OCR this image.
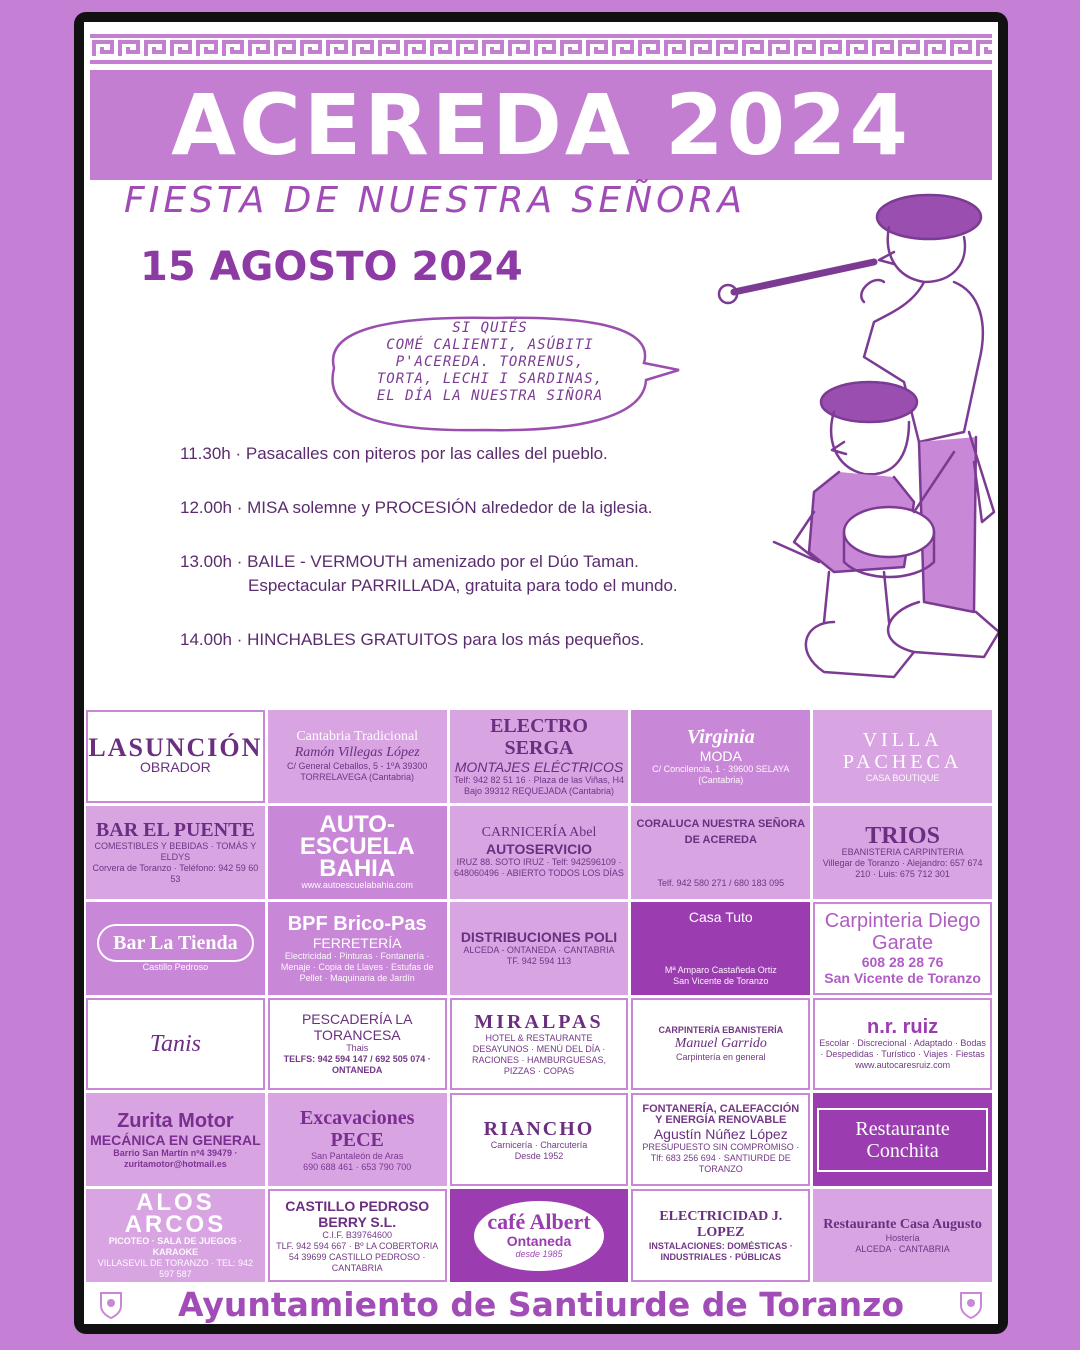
ACEREDA 2024
FIESTA DE NUESTRA SEÑORA
15 AGOSTO 2024
SI QUIÉS
COMÉ CALIENTI, ASÚBITI
P'ACEREDA. TORRENUS,
TORTA, LECHI I SARDINAS,
EL DÍA LA NUESTRA SIÑORA
11.30h · Pasacalles con piteros por las calles del pueblo.
12.00h · MISA solemne y PROCESIÓN alrededor de la iglesia.
13.00h · BAILE - VERMOUTH amenizado por el Dúo Taman.
Espectacular PARRILLADA, gratuita para todo el mundo.
14.00h · HINCHABLES GRATUITOS para los más pequeños.
LASUNCIÓN
OBRADOR
Cantabria Tradicional
Ramón Villegas López
C/ General Ceballos, 5 - 1ºA 39300 TORRELAVEGA (Cantabria)
ELECTRO SERGA
MONTAJES ELÉCTRICOS
Telf: 942 82 51 16 · Plaza de las Viñas, H4 Bajo 39312 REQUEJADA (Cantabria)
Virginia
MODA
C/ Concilencia, 1 · 39600 SELAYA (Cantabria)
VILLA PACHECA
CASA BOUTIQUE
BAR EL PUENTE
COMESTIBLES Y BEBIDAS · TOMÁS Y ELDYS
Corvera de Toranzo · Teléfono: 942 59 60 53
AUTO-ESCUELA BAHIA
www.autoescuelabahia.com
CARNICERÍA Abel
AUTOSERVICIO
IRUZ 88. SOTO IRUZ · Telf: 942596109 · 648060496 · ABIERTO TODOS LOS DÍAS
CORALUCA NUESTRA SEÑORA DE ACEREDA
Telf. 942 580 271 / 680 183 095
TRIOS
EBANISTERIA CARPINTERIA
Villegar de Toranzo · Alejandro: 657 674 210 · Luis: 675 712 301
Bar La Tienda
Castillo Pedroso
BPF Brico-Pas
FERRETERÍA
Electricidad · Pinturas · Fontanería · Menaje · Copia de Llaves · Estufas de Pellet · Maquinaria de Jardín
DISTRIBUCIONES POLI
ALCEDA - ONTANEDA · CANTABRIA
TF. 942 594 113
Casa Tuto
Mª Amparo Castañeda Ortiz
San Vicente de Toranzo
Carpinteria Diego Garate
608 28 28 76
San Vicente de Toranzo
Tanis
PESCADERÍA LA TORANCESA
Thais
TELFS: 942 594 147 / 692 505 074 · ONTANEDA
MIRALPAS
HOTEL & RESTAURANTE
DESAYUNOS · MENÚ DEL DÍA · RACIONES · HAMBURGUESAS, PIZZAS · COPAS
CARPINTERÍA EBANISTERÍA
Manuel Garrido
Carpintería en general
n.r. ruiz
Escolar · Discrecional · Adaptado · Bodas · Despedidas · Turístico · Viajes · Fiestas
www.autocaresruiz.com
Zurita Motor
MECÁNICA EN GENERAL
Barrio San Martín nº4 39479 · zuritamotor@hotmail.es
Excavaciones PECE
San Pantaleón de Aras
690 688 461 · 653 790 700
RIANCHO
Carnicería · Charcutería
Desde 1952
FONTANERÍA, CALEFACCIÓN Y ENERGÍA RENOVABLE
Agustín Núñez López
PRESUPUESTO SIN COMPROMISO · Tlf: 683 256 694 · SANTIURDE DE TORANZO
Restaurante Conchita
ALOS ARCOS
PICOTEO · SALA DE JUEGOS · KARAOKE
VILLASEVIL DE TORANZO · TEL: 942 597 587
CASTILLO PEDROSO BERRY S.L.
C.I.F. B39764600
TLF. 942 594 667 · Bº LA COBERTORIA 54 39699 CASTILLO PEDROSO · CANTABRIA
café Albert
Ontaneda
desde 1985
ELECTRICIDAD J. LOPEZ
INSTALACIONES: DOMÉSTICAS · INDUSTRIALES · PÚBLICAS
Restaurante Casa Augusto
Hostería
ALCEDA · CANTABRIA
Ayuntamiento de Santiurde de Toranzo
